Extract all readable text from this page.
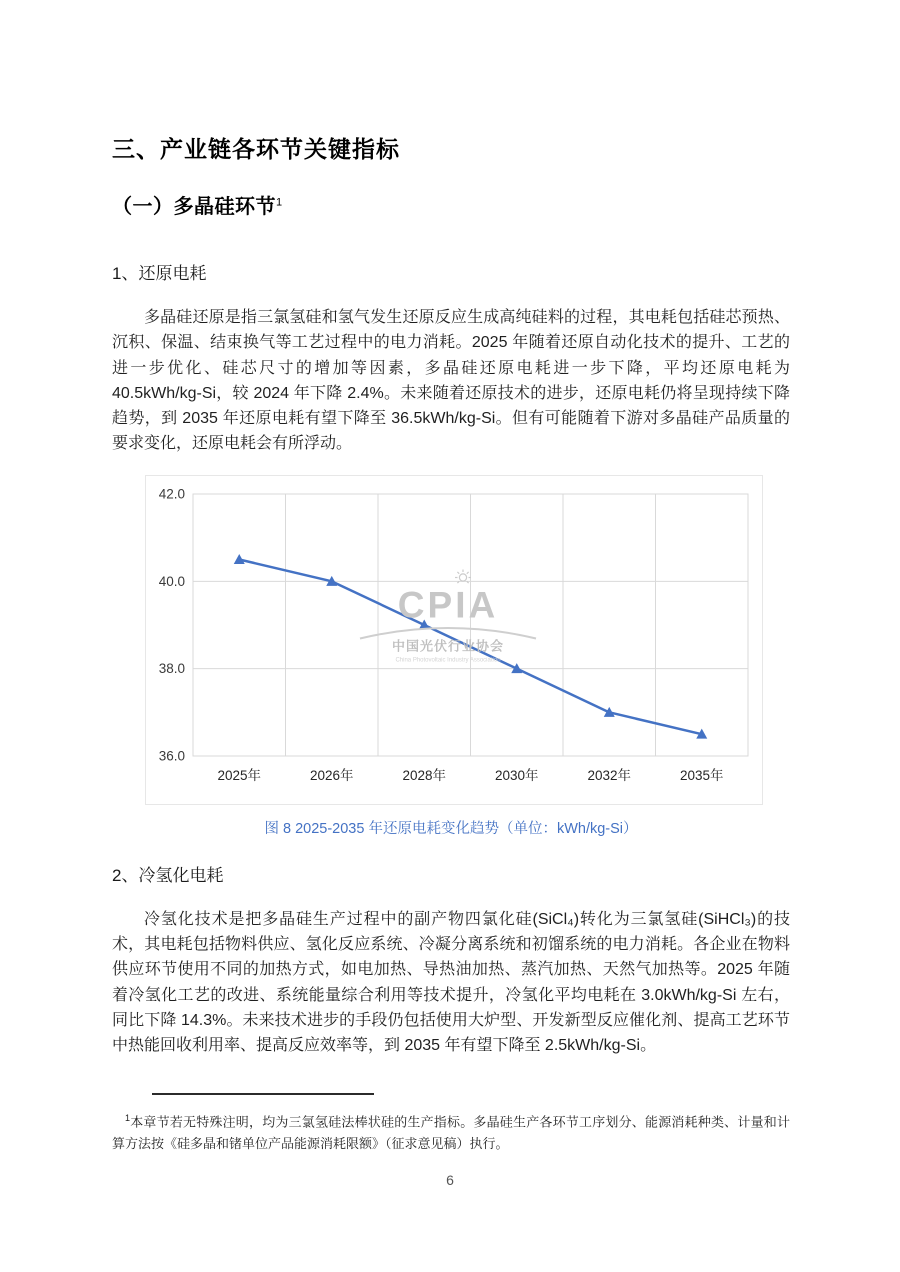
三、产业链各环节关键指标
（一）多晶硅环节$^1$
1、还原电耗

多晶硅还原是指三氯氢硅和氢气发生还原反应生成高纯硅料的过程，其电耗包括硅芯预热、沉积、保温、结束换气等工艺过程中的电力消耗。2025 年随着还原自动化技术的提升、工艺的进一步优化、硅芯尺寸的增加等因素，多晶硅还原电耗进一步下降，平均还原电耗为 40.5kWh/kg-Si，较 2024 年下降 2.4%。未来随着还原技术的进步，还原电耗仍将呈现持续下降趋势，到 2035 年还原电耗有望下降至 36.5kWh/kg-Si。但有可能随着下游对多晶硅产品质量的要求变化，还原电耗会有所浮动。

36.0
38.0
40.0
42.0
2025年	2026年	2028年	2030年	2032年	2035年
CPIA
中国光伏行业协会
China Photovoltaic Industry Association
图 8 2025-2035 年还原电耗变化趋势（单位：kWh/kg-Si）
2、冷氢化电耗

冷氢化技术是把多晶硅生产过程中的副产物四氯化硅(SiCl₄)转化为三氯氢硅(SiHCl₃)的技术，其电耗包括物料供应、氢化反应系统、冷凝分离系统和初馏系统的电力消耗。各企业在物料供应环节使用不同的加热方式，如电加热、导热油加热、蒸汽加热、天然气加热等。2025 年随着冷氢化工艺的改进、系统能量综合利用等技术提升，冷氢化平均电耗在 3.0kWh/kg-Si 左右，同比下降 14.3%。未来技术进步的手段仍包括使用大炉型、开发新型反应催化剂、提高工艺环节中热能回收利用率、提高反应效率等，到 2035 年有望下降至 2.5kWh/kg-Si。

$^1$本章节若无特殊注明，均为三氯氢硅法棒状硅的生产指标。多晶硅生产各环节工序划分、能源消耗种类、计量和计算方法按《硅多晶和锗单位产品能源消耗限额》（征求意见稿）执行。

6
